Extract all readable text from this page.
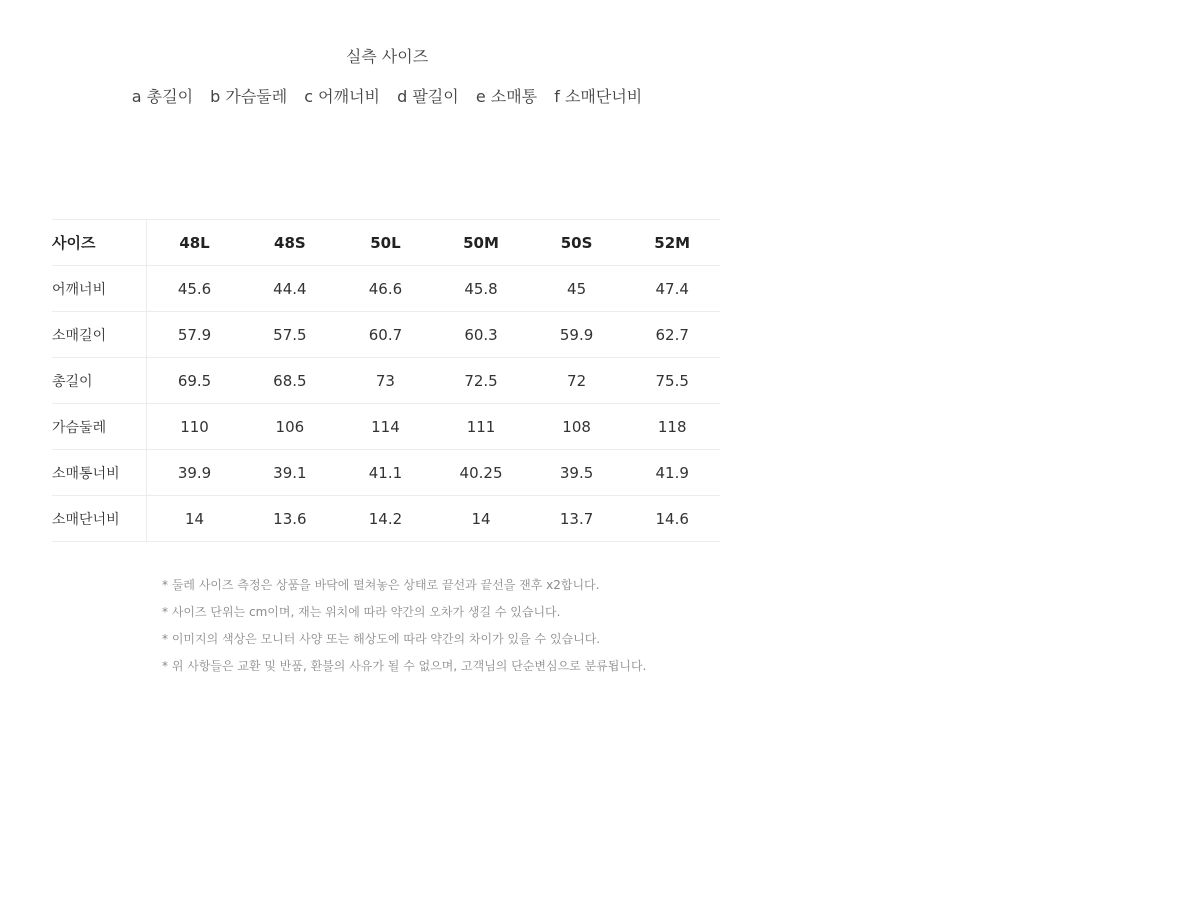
실측 사이즈
a 총길이 b 가슴둘레 c 어깨너비 d 팔길이 e 소매통 f 소매단너비
사이즈	48L	48S	50L	50M	50S	52M
어깨너비	45.6	44.4	46.6	45.8	45	47.4
소매길이	57.9	57.5	60.7	60.3	59.9	62.7
총길이	69.5	68.5	73	72.5	72	75.5
가슴둘레	110	106	114	111	108	118
소매통너비	39.9	39.1	41.1	40.25	39.5	41.9
소매단너비	14	13.6	14.2	14	13.7	14.6
* 둘레 사이즈 측정은 상품을 바닥에 펼쳐놓은 상태로 끝선과 끝선을 잰후 x2합니다.
* 사이즈 단위는 cm이며, 재는 위치에 따라 약간의 오차가 생길 수 있습니다.
* 이미지의 색상은 모니터 사양 또는 해상도에 따라 약간의 차이가 있을 수 있습니다.
* 위 사항들은 교환 및 반품, 환불의 사유가 될 수 없으며, 고객님의 단순변심으로 분류됩니다.
